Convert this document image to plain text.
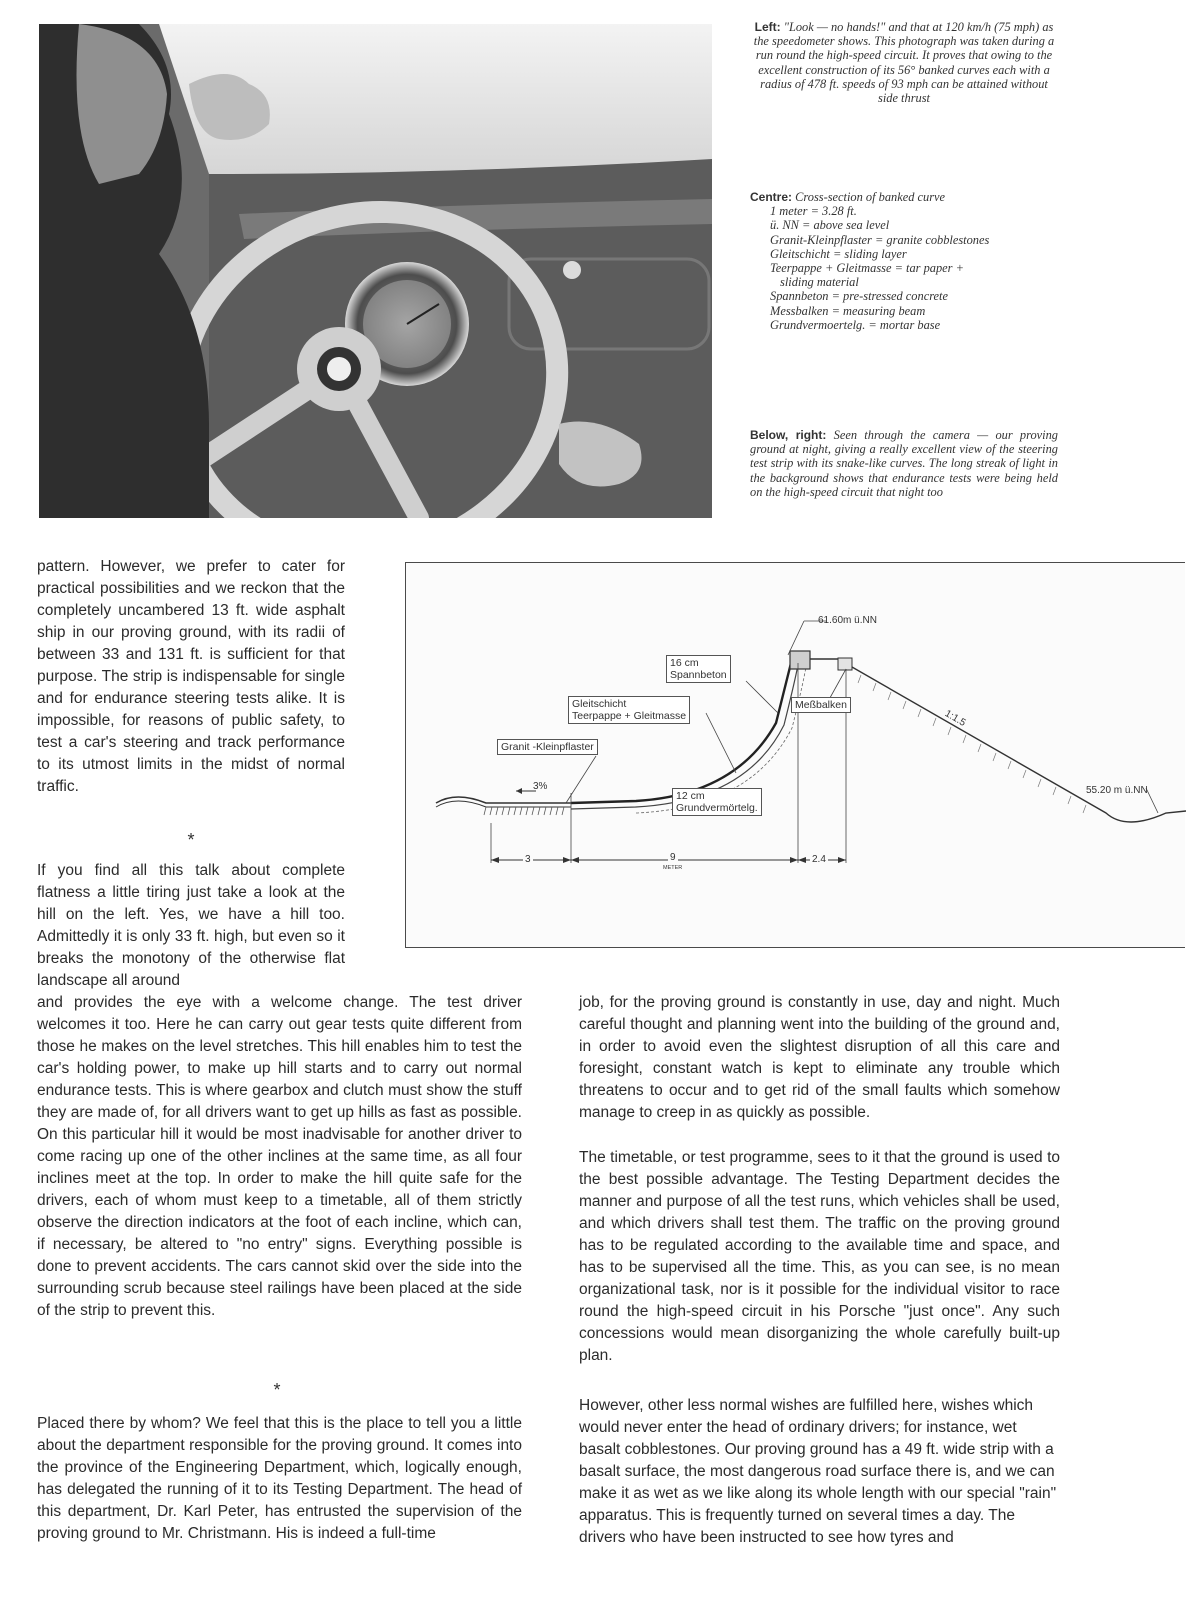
Left: "Look — no hands!" and that at 120 km/h (75 mph) as the speedometer shows. This photograph was taken during a run round the high-speed circuit. It proves that owing to the excellent construction of its 56° banked curves each with a radius of 478 ft. speeds of 93 mph can be attained without side thrust
Centre: Cross-section of banked curve
1 meter = 3.28 ft.
ü. NN = above sea level
Granit-Kleinpflaster = granite cobblestones
Gleitschicht = sliding layer
Teerpappe + Gleitmasse = tar paper +
sliding material
Spannbeton = pre-stressed concrete
Messbalken = measuring beam
Grundvermoertelg. = mortar base
Below, right: Seen through the camera — our proving ground at night, giving a really excellent view of the steering test strip with its snake-like curves. The long streak of light in the background shows that endurance tests were being held on the high-speed circuit that night too
61.60m ü.NN
55.20 m ü.NN
16 cm
Spannbeton
Gleitschicht
Teerpappe + Gleitmasse
Meßbalken
Granit -Kleinpflaster
3%
1:1.5
12 cm
Grundvermörtelg.
3	9
METER
2.4

pattern. However, we prefer to cater for practical possibilities and we reckon that the completely uncambered 13 ft. wide asphalt ship in our proving ground, with its radii of between 33 and 131 ft. is sufficient for that purpose. The strip is indispensable for single and for endurance steering tests alike. It is impossible, for reasons of public safety, to test a car's steering and track performance to its utmost limits in the midst of normal traffic.

*

If you find all this talk about complete flatness a little tiring just take a look at the hill on the left. Yes, we have a hill too. Admittedly it is only 33 ft. high, but even so it breaks the monotony of the otherwise flat landscape all around

and provides the eye with a welcome change. The test driver welcomes it too. Here he can carry out gear tests quite different from those he makes on the level stretches. This hill enables him to test the car's holding power, to make up hill starts and to carry out normal endurance tests. This is where gearbox and clutch must show the stuff they are made of, for all drivers want to get up hills as fast as possible. On this particular hill it would be most inadvisable for another driver to come racing up one of the other inclines at the same time, as all four inclines meet at the top. In order to make the hill quite safe for the drivers, each of whom must keep to a timetable, all of them strictly observe the direction indicators at the foot of each incline, which can, if necessary, be altered to "no entry" signs. Everything possible is done to prevent accidents. The cars cannot skid over the side into the surrounding scrub because steel railings have been placed at the side of the strip to prevent this.

*

Placed there by whom? We feel that this is the place to tell you a little about the department responsible for the proving ground. It comes into the province of the Engineering Department, which, logically enough, has delegated the running of it to its Testing Department. The head of this department, Dr. Karl Peter, has entrusted the supervision of the proving ground to Mr. Christmann. His is indeed a full-time

job, for the proving ground is constantly in use, day and night. Much careful thought and planning went into the building of the ground and, in order to avoid even the slightest disruption of all this care and foresight, constant watch is kept to eliminate any trouble which threatens to occur and to get rid of the small faults which somehow manage to creep in as quickly as possible.

The timetable, or test programme, sees to it that the ground is used to the best possible advantage. The Testing Department decides the manner and purpose of all the test runs, which vehicles shall be used, and which drivers shall test them. The traffic on the proving ground has to be regulated according to the available time and space, and has to be supervised all the time. This, as you can see, is no mean organizational task, nor is it possible for the individual visitor to race round the high-speed circuit in his Porsche "just once". Any such concessions would mean disorganizing the whole carefully built-up plan.

However, other less normal wishes are fulfilled here, wishes which would never enter the head of ordinary drivers; for instance, wet basalt cobblestones. Our proving ground has a 49 ft. wide strip with a basalt surface, the most dangerous road surface there is, and we can make it as wet as we like along its whole length with our special "rain" apparatus. This is frequently turned on several times a day. The drivers who have been instructed to see how tyres and
